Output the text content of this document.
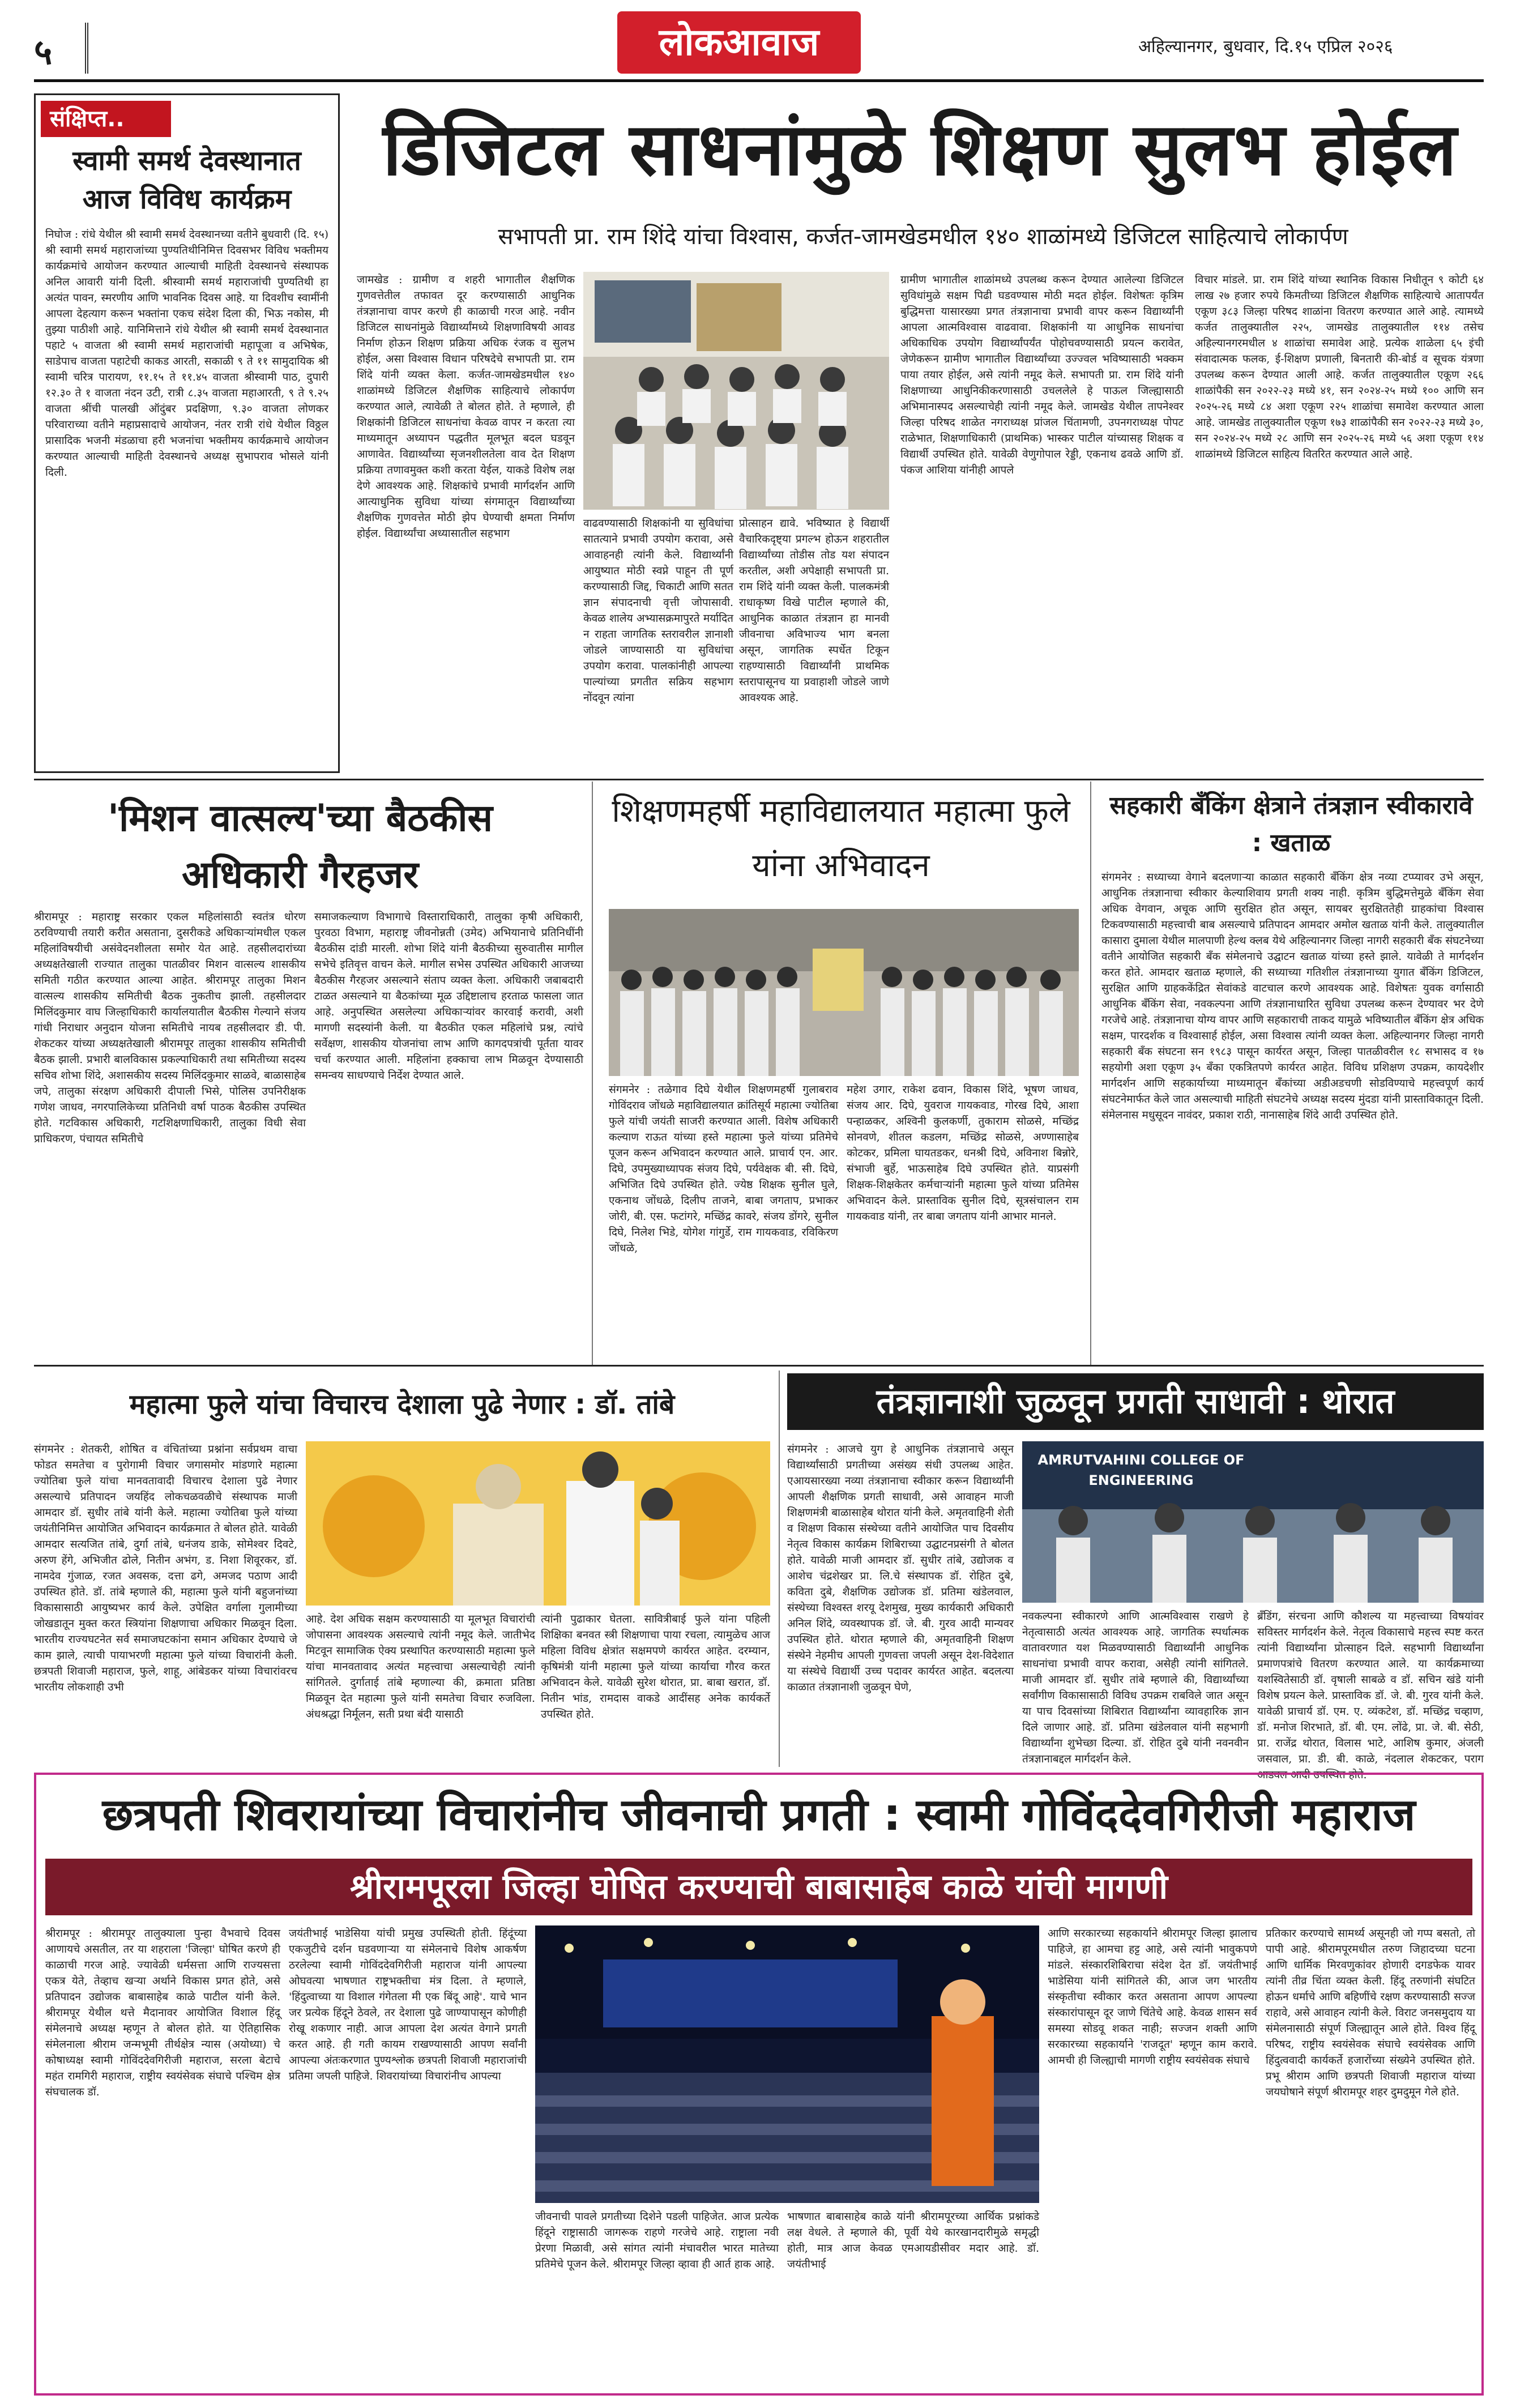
५	लोकआवाज	अहिल्यानगर, बुधवार, दि.१५ एप्रिल २०२६
संक्षिप्त..
स्वामी समर्थ देवस्थानात आज विविध कार्यक्रम
निघोज : रांधे येथील श्री स्वामी समर्थ देवस्थानच्या वतीने बुधवारी (दि. १५) श्री स्वामी समर्थ महाराजांच्या पुण्यतिथीनिमित्त दिवसभर विविध भक्तीमय कार्यक्रमांचे आयोजन करण्यात आल्याची माहिती देवस्थानचे संस्थापक अनिल आवारी यांनी दिली. श्रीस्वामी समर्थ महाराजांची पुण्यतिथी हा अत्यंत पावन, स्मरणीय आणि भावनिक दिवस आहे. या दिवशीच स्वामींनी आपला देहत्याग करून भक्तांना एकच संदेश दिला की, भिऊ नकोस, मी तुझ्या पाठीशी आहे. यानिमित्ताने रांधे येथील श्री स्वामी समर्थ देवस्थानात पहाटे ५ वाजता श्री स्वामी समर्थ महाराजांची महापूजा व अभिषेक, साडेपाच वाजता पहाटेची काकड आरती, सकाळी ९ ते ११ सामुदायिक श्री स्वामी चरित्र पारायण, ११.१५ ते ११.४५ वाजता श्रीस्वामी पाठ, दुपारी १२.३० ते १ वाजता नंदन उटी, रात्री ८.३५ वाजता महाआरती, ९ ते ९.२५ वाजता श्रींची पालखी ऑदुंबर प्रदक्षिणा, ९.३० वाजता लोणकर परिवाराच्या वतीने महाप्रसादाचे आयोजन, नंतर रात्री रांधे येथील विठ्ठल प्रासादिक भजनी मंडळाचा हरी भजनांचा भक्तीमय कार्यक्रमाचे आयोजन करण्यात आल्याची माहिती देवस्थानचे अध्यक्ष सुभापराव भोसले यांनी दिली.
डिजिटल साधनांमुळे शिक्षण सुलभ होईल
सभापती प्रा. राम शिंदे यांचा विश्वास, कर्जत-जामखेडमधील १४० शाळांमध्ये डिजिटल साहित्याचे लोकार्पण
जामखेड : ग्रामीण व शहरी भागातील शैक्षणिक गुणवत्तेतील तफावत दूर करण्यासाठी आधुनिक तंत्रज्ञानाचा वापर करणे ही काळाची गरज आहे. नवीन डिजिटल साधनांमुळे विद्यार्थ्यांमध्ये शिक्षणाविषयी आवड निर्माण होऊन शिक्षण प्रक्रिया अधिक रंजक व सुलभ होईल, असा विश्वास विधान परिषदेचे सभापती प्रा. राम शिंदे यांनी व्यक्त केला. कर्जत-जामखेडमधील १४० शाळांमध्ये डिजिटल शैक्षणिक साहित्याचे लोकार्पण करण्यात आले, त्यावेळी ते बोलत होते. ते म्हणाले, ही शिक्षकांनी डिजिटल साधनांचा केवळ वापर न करता त्या माध्यमातून अध्यापन पद्धतीत मूलभूत बदल घडवून आणावेत. विद्यार्थ्यांच्या सृजनशीलतेला वाव देत शिक्षण प्रक्रिया तणावमुक्त कशी करता येईल, याकडे विशेष लक्ष देणे आवश्यक आहे. शिक्षकांचे प्रभावी मार्गदर्शन आणि आत्याधुनिक सुविधा यांच्या संगमातून विद्यार्थ्यांच्या शैक्षणिक गुणवत्तेत मोठी झेप घेण्याची क्षमता निर्माण होईल. विद्यार्थ्यांचा अध्यासातील सहभाग
वाढवण्यासाठी शिक्षकांनी या सुविधांचा सातत्याने प्रभावी उपयोग करावा, असे आवाहनही त्यांनी केले. विद्यार्थ्यांनी आयुष्यात मोठी स्वप्ने पाहून ती पूर्ण करण्यासाठी जिद्द, चिकाटी आणि सतत ज्ञान संपादनाची वृत्ती जोपासावी. केवळ शालेय अभ्यासक्रमापुरते मर्यादित न राहता जागतिक स्तरावरील ज्ञानाशी जोडले जाण्यासाठी या सुविधांचा उपयोग करावा. पालकांनीही आपल्या पाल्यांच्या प्रगतीत सक्रिय सहभाग नोंदवून त्यांना
प्रोत्साहन द्यावे. भविष्यात हे विद्यार्थी वैचारिकदृष्ट्या प्रगल्भ होऊन शहरातील विद्यार्थ्यांच्या तोडीस तोड यश संपादन करतील, अशी अपेक्षाही सभापती प्रा. राम शिंदे यांनी व्यक्त केली. पालकमंत्री राधाकृष्ण विखे पाटील म्हणाले की, आधुनिक काळात तंत्रज्ञान हा मानवी जीवनाचा अविभाज्य भाग बनला असून, जागतिक स्पर्धेत टिकून राहण्यासाठी विद्यार्थ्यांनी प्राथमिक स्तरापासूनच या प्रवाहाशी जोडले जाणे आवश्यक आहे.
ग्रामीण भागातील शाळांमध्ये उपलब्ध करून देण्यात आलेल्या डिजिटल सुविधांमुळे सक्षम पिढी घडवण्यास मोठी मदत होईल. विशेषतः कृत्रिम बुद्धिमत्ता यासारख्या प्रगत तंत्रज्ञानाचा प्रभावी वापर करून विद्यार्थ्यांनी आपला आत्मविश्वास वाढवावा. शिक्षकांनी या आधुनिक साधनांचा अधिकाधिक उपयोग विद्यार्थ्यांपर्यंत पोहोचवण्यासाठी प्रयत्न करावेत, जेणेकरून ग्रामीण भागातील विद्यार्थ्यांच्या उज्ज्वल भविष्यासाठी भक्कम पाया तयार होईल, असे त्यांनी नमूद केले. सभापती प्रा. राम शिंदे यांनी शिक्षणाच्या आधुनिकीकरणासाठी उचललेले हे पाऊल जिल्ह्यासाठी अभिमानास्पद असल्याचेही त्यांनी नमूद केले. जामखेड येथील तापनेश्वर जिल्हा परिषद शाळेत नगराध्यक्ष प्रांजल चिंतामणी, उपनगराध्यक्ष पोपट राळेभात, शिक्षणाधिकारी (प्राथमिक) भास्कर पाटील यांच्यासह शिक्षक व विद्यार्थी उपस्थित होते. यावेळी वेणुगोपाल रेड्डी, एकनाथ ढवळे आणि डॉ. पंकज आशिया यांनीही आपले
विचार मांडले. प्रा. राम शिंदे यांच्या स्थानिक विकास निधीतून ९ कोटी ६४ लाख २७ हजार रुपये किमतीच्या डिजिटल शैक्षणिक साहित्याचे आतापर्यंत एकूण ३८३ जिल्हा परिषद शाळांना वितरण करण्यात आले आहे. त्यामध्ये कर्जत तालुक्यातील २२५, जामखेड तालुक्यातील ११४ तसेच अहिल्यानगरमधील ४ शाळांचा समावेश आहे. प्रत्येक शाळेला ६५ इंची संवादात्मक फलक, ई-शिक्षण प्रणाली, बिनतारी की-बोर्ड व सूचक यंत्रणा उपलब्ध करून देण्यात आली आहे. कर्जत तालुक्यातील एकूण २६६ शाळांपैकी सन २०२२-२३ मध्ये ४१, सन २०२४-२५ मध्ये १०० आणि सन २०२५-२६ मध्ये ८४ अशा एकूण २२५ शाळांचा समावेश करण्यात आला आहे. जामखेड तालुक्यातील एकूण १७३ शाळांपैकी सन २०२२-२३ मध्ये ३०, सन २०२४-२५ मध्ये २८ आणि सन २०२५-२६ मध्ये ५६ अशा एकूण ११४ शाळांमध्ये डिजिटल साहित्य वितरित करण्यात आले आहे.
'मिशन वात्सल्य'च्या बैठकीस अधिकारी गैरहजर
श्रीरामपूर : महाराष्ट्र सरकार एकल महिलांसाठी स्वतंत्र धोरण ठरविण्याची तयारी करीत असताना, दुसरीकडे अधिकाऱ्यांमधील एकल महिलांविषयीची असंवेदनशीलता समोर येत आहे. तहसीलदारांच्या अध्यक्षतेखाली राज्यात तालुका पातळीवर मिशन वात्सल्य शासकीय समिती गठीत करण्यात आल्या आहेत. श्रीरामपूर तालुका मिशन वात्सल्य शासकीय समितीची बैठक नुकतीच झाली. तहसीलदार मिलिंदकुमार वाघ जिल्हाधिकारी कार्यालयातील बैठकीस गेल्याने संजय गांधी निराधार अनुदान योजना समितीचे नायब तहसीलदार डी. पी. शेकटकर यांच्या अध्यक्षतेखाली श्रीरामपूर तालुका शासकीय समितीची बैठक झाली. प्रभारी बालविकास प्रकल्पाधिकारी तथा समितीच्या सदस्य सचिव शोभा शिंदे, अशासकीय सदस्य मिलिंदकुमार साळवे, बाळासाहेब जपे, तालुका संरक्षण अधिकारी दीपाली भिसे, पोलिस उपनिरीक्षक गणेश जाधव, नगरपालिकेच्या प्रतिनिधी वर्षा पाठक बैठकीस उपस्थित होते. गटविकास अधिकारी, गटशिक्षणाधिकारी, तालुका विधी सेवा प्राधिकरण, पंचायत समितीचे
समाजकल्याण विभागाचे विस्ताराधिकारी, तालुका कृषी अधिकारी, पुरवठा विभाग, महाराष्ट्र जीवनोन्नती (उमेद) अभियानाचे प्रतिनिधींनी बैठकीस दांडी मारली. शोभा शिंदे यांनी बैठकीच्या सुरुवातीस मागील सभेचे इतिवृत्त वाचन केले. मागील सभेस उपस्थित अधिकारी आजच्या बैठकीस गैरहजर असल्याने संताप व्यक्त केला. अधिकारी जबाबदारी टाळत असल्याने या बैठकांच्या मूळ उद्दिष्टालाच हरताळ फासला जात आहे. अनुपस्थित असलेल्या अधिकाऱ्यांवर कारवाई करावी, अशी मागणी सदस्यांनी केली. या बैठकीत एकल महिलांचे प्रश्न, त्यांचे सर्वेक्षण, शासकीय योजनांचा लाभ आणि कागदपत्रांची पूर्तता यावर चर्चा करण्यात आली. महिलांना हक्काचा लाभ मिळवून देण्यासाठी समन्वय साधण्याचे निर्देश देण्यात आले.
शिक्षणमहर्षी महाविद्यालयात महात्मा फुले यांना अभिवादन
संगमनेर : तळेगाव दिघे येथील शिक्षणमहर्षी गुलाबराव गोविंदराव जोंधळे महाविद्यालयात क्रांतिसूर्य महात्मा ज्योतिबा फुले यांची जयंती साजरी करण्यात आली. विशेष अधिकारी कल्याण राऊत यांच्या हस्ते महात्मा फुले यांच्या प्रतिमेचे पूजन करून अभिवादन करण्यात आले. प्राचार्य एन. आर. दिघे, उपमुख्याध्यापक संजय दिघे, पर्यवेक्षक बी. सी. दिघे, अभिजित दिघे उपस्थित होते. ज्येष्ठ शिक्षक सुनील घुले, एकनाथ जोंधळे, दिलीप ताजने, बाबा जगताप, प्रभाकर जोरी, बी. एस. फटांगरे, मच्छिंद्र कावरे, संजय डोंगरे, सुनील दिघे, निलेश भिडे, योगेश गांगुर्डे, राम गायकवाड, रविकिरण जोंधळे,
महेश उगार, राकेश ढवान, विकास शिंदे, भूषण जाधव, संजय आर. दिघे, युवराज गायकवाड, गोरख दिघे, आशा पन्हाळकर, अश्विनी कुलकर्णी, तुकाराम सोळसे, मच्छिंद्र सोनवणे, शीतल कडलग, मच्छिंद्र सोळसे, अण्णासाहेब कोटकर, प्रमिला घायतडकर, धनश्री दिघे, अविनाश बिन्नोरे, संभाजी बुर्हे, भाऊसाहेब दिघे उपस्थित होते. याप्रसंगी शिक्षक-शिक्षकेतर कर्मचाऱ्यांनी महात्मा फुले यांच्या प्रतिमेस अभिवादन केले. प्रास्ताविक सुनील दिघे, सूत्रसंचालन राम गायकवाड यांनी, तर बाबा जगताप यांनी आभार मानले.
सहकारी बँकिंग क्षेत्राने तंत्रज्ञान स्वीकारावे : खताळ
संगमनेर : सध्याच्या वेगाने बदलणाऱ्या काळात सहकारी बँकिंग क्षेत्र नव्या टप्प्यावर उभे असून, आधुनिक तंत्रज्ञानाचा स्वीकार केल्याशिवाय प्रगती शक्य नाही. कृत्रिम बुद्धिमत्तेमुळे बँकिंग सेवा अधिक वेगवान, अचूक आणि सुरक्षित होत असून, सायबर सुरक्षिततेही ग्राहकांचा विश्वास टिकवण्यासाठी महत्त्वाची बाब असल्याचे प्रतिपादन आमदार अमोल खताळ यांनी केले. तालुक्यातील कासारा दुमाला येथील मालपाणी हेल्थ क्लब येथे अहिल्यानगर जिल्हा नागरी सहकारी बँक संघटनेच्या वतीने आयोजित सहकारी बँक संमेलनाचे उद्घाटन खताळ यांच्या हस्ते झाले. यावेळी ते मार्गदर्शन करत होते. आमदार खताळ म्हणाले, की सध्याच्या गतिशील तंत्रज्ञानाच्या युगात बँकिंग डिजिटल, सुरक्षित आणि ग्राहककेंद्रित सेवांकडे वाटचाल करणे आवश्यक आहे. विशेषतः युवक वर्गासाठी आधुनिक बँकिंग सेवा, नवकल्पना आणि तंत्रज्ञानाधारित सुविधा उपलब्ध करून देण्यावर भर देणे गरजेचे आहे. तंत्रज्ञानाचा योग्य वापर आणि सहकाराची ताकद यामुळे भविष्यातील बँकिंग क्षेत्र अधिक सक्षम, पारदर्शक व विश्वासार्ह होईल, असा विश्वास त्यांनी व्यक्त केला. अहिल्यानगर जिल्हा नागरी सहकारी बँक संघटना सन १९८३ पासून कार्यरत असून, जिल्हा पातळीवरील १८ सभासद व १७ सहयोगी अशा एकूण ३५ बँका एकत्रितपणे कार्यरत आहेत. विविध प्रशिक्षण उपक्रम, कायदेशीर मार्गदर्शन आणि सहकार्याच्या माध्यमातून बँकांच्या अडीअडचणी सोडविण्याचे महत्त्वपूर्ण कार्य संघटनेमार्फत केले जात असल्याची माहिती संघटनेचे अध्यक्ष सदस्य मुंदडा यांनी प्रास्ताविकातून दिली. संमेलनास मधुसूदन नावंदर, प्रकाश राठी, नानासाहेब शिंदे आदी उपस्थित होते.
महात्मा फुले यांचा विचारच देशाला पुढे नेणार : डॉ. तांबे
संगमनेर : शेतकरी, शोषित व वंचितांच्या प्रश्नांना सर्वप्रथम वाचा फोडत समतेचा व पुरोगामी विचार जगासमोर मांडणारे महात्मा ज्योतिबा फुले यांचा मानवतावादी विचारच देशाला पुढे नेणार असल्याचे प्रतिपादन जयहिंद लोकचळवळीचे संस्थापक माजी आमदार डॉ. सुधीर तांबे यांनी केले. महात्मा ज्योतिबा फुले यांच्या जयंतीनिमित्त आयोजित अभिवादन कार्यक्रमात ते बोलत होते. यावेळी आमदार सत्यजित तांबे, दुर्गा तांबे, धनंजय डाके, सोमेश्वर दिवटे, अरुण हेंगे, अभिजीत ढोले, नितीन अभंग, ड. निशा शिवूरकर, डॉ. नामदेव गुंजाळ, रजत अवसक, दत्ता ढगे, अमजद पठाण आदी उपस्थित होते. डॉ. तांबे म्हणाले की, महात्मा फुले यांनी बहुजनांच्या विकासासाठी आयुष्यभर कार्य केले. उपेक्षित वर्गाला गुलामीच्या जोखडातून मुक्त करत स्त्रियांना शिक्षणाचा अधिकार मिळवून दिला. भारतीय राज्यघटनेत सर्व समाजघटकांना समान अधिकार देण्याचे जे काम झाले, त्याची पायाभरणी महात्मा फुले यांच्या विचारांनी केली. छत्रपती शिवाजी महाराज, फुले, शाहू, आंबेडकर यांच्या विचारांवरच भारतीय लोकशाही उभी
आहे. देश अधिक सक्षम करण्यासाठी या मूलभूत विचारांची जोपासना आवश्यक असल्याचे त्यांनी नमूद केले. जातीभेद मिटवून सामाजिक ऐक्य प्रस्थापित करण्यासाठी महात्मा फुले यांचा मानवतावाद अत्यंत महत्त्वाचा असल्याचेही त्यांनी सांगितले. दुर्गाताई तांबे म्हणाल्या की, क्रमाता प्रतिष्ठा मिळवून देत महात्मा फुले यांनी समतेचा विचार रुजविला. अंधश्रद्धा निर्मूलन, सती प्रथा बंदी यासाठी
त्यांनी पुढाकार घेतला. सावित्रीबाई फुले यांना पहिली शिक्षिका बनवत स्त्री शिक्षणाचा पाया रचला, त्यामुळेच आज महिला विविध क्षेत्रांत सक्षमपणे कार्यरत आहेत. दरम्यान, कृषिमंत्री यांनी महात्मा फुले यांच्या कार्याचा गौरव करत अभिवादन केले. यावेळी सुरेश थोरात, प्रा. बाबा खरात, डॉ. नितीन भांड, रामदास वाकडे आदींसह अनेक कार्यकर्ते उपस्थित होते.
तंत्रज्ञानाशी जुळवून प्रगती साधावी : थोरात
संगमनेर : आजचे युग हे आधुनिक तंत्रज्ञानाचे असून विद्यार्थ्यांसाठी प्रगतीच्या असंख्य संधी उपलब्ध आहेत. एआयसारख्या नव्या तंत्रज्ञानाचा स्वीकार करून विद्यार्थ्यांनी आपली शैक्षणिक प्रगती साधावी, असे आवाहन माजी शिक्षणमंत्री बाळासाहेब थोरात यांनी केले. अमृतवाहिनी शेती व शिक्षण विकास संस्थेच्या वतीने आयोजित पाच दिवसीय नेतृत्व विकास कार्यक्रम शिबिराच्या उद्घाटनप्रसंगी ते बोलत होते. यावेळी माजी आमदार डॉ. सुधीर तांबे, उद्योजक व आशेच चंद्रशेखर प्रा. लि.चे संस्थापक डॉ. रोहित दुबे, कविता दुबे, शैक्षणिक उद्योजक डॉ. प्रतिमा खंडेलवाल, संस्थेच्या विश्वस्त शरयू देशमुख, मुख्य कार्यकारी अधिकारी अनिल शिंदे, व्यवस्थापक डॉ. जे. बी. गुरव आदी मान्यवर उपस्थित होते. थोरात म्हणाले की, अमृतवाहिनी शिक्षण संस्थेने नेहमीच आपली गुणवत्ता जपली असून देश-विदेशात या संस्थेचे विद्यार्थी उच्च पदावर कार्यरत आहेत. बदलत्या काळात तंत्रज्ञानाशी जुळवून घेणे,
AMRUTVAHINI COLLEGE OF ENGINEERING
नवकल्पना स्वीकारणे आणि आत्मविश्वास राखणे हे नेतृत्वासाठी अत्यंत आवश्यक आहे. जागतिक स्पर्धात्मक वातावरणात यश मिळवण्यासाठी विद्यार्थ्यांनी आधुनिक साधनांचा प्रभावी वापर करावा, असेही त्यांनी सांगितले. माजी आमदार डॉ. सुधीर तांबे म्हणाले की, विद्यार्थ्यांच्या सर्वांगीण विकासासाठी विविध उपक्रम राबविले जात असून या पाच दिवसांच्या शिबिरात विद्यार्थ्यांना व्यावहारिक ज्ञान दिले जाणार आहे. डॉ. प्रतिमा खंडेलवाल यांनी सहभागी विद्यार्थ्यांना शुभेच्छा दिल्या. डॉ. रोहित दुबे यांनी नवनवीन तंत्रज्ञानाबद्दल मार्गदर्शन केले.
ब्रँडिंग, संरचना आणि कौशल्य या महत्त्वाच्या विषयांवर सविस्तर मार्गदर्शन केले. नेतृत्व विकासाचे महत्त्व स्पष्ट करत त्यांनी विद्यार्थ्यांना प्रोत्साहन दिले. सहभागी विद्यार्थ्यांना प्रमाणपत्रांचे वितरण करण्यात आले. या कार्यक्रमाच्या यशस्वितेसाठी डॉ. वृषाली साबळे व डॉ. सचिन खंडे यांनी विशेष प्रयत्न केले. प्रास्ताविक डॉ. जे. बी. गुरव यांनी केले. यावेळी प्राचार्य डॉ. एम. ए. व्यंकटेश, डॉ. मच्छिंद्र चव्हाण, डॉ. मनोज शिरभाते, डॉ. बी. एम. लोंढे, प्रा. जे. बी. सेठी, प्रा. राजेंद्र थोरात, विलास भाटे, आशिष कुमार, अंजली जसवाल, प्रा. डी. बी. काळे, नंदलाल शेकटकर, पराग आडवल आदी उपस्थित होते.
छत्रपती शिवरायांच्या विचारांनीच जीवनाची प्रगती : स्वामी गोविंददेवगिरीजी महाराज
श्रीरामपूरला जिल्हा घोषित करण्याची बाबासाहेब काळे यांची मागणी
श्रीरामपूर : श्रीरामपूर तालुक्याला पुन्हा वैभवाचे दिवस आणायचे असतील, तर या शहराला 'जिल्हा' घोषित करणे ही काळाची गरज आहे. ज्यावेळी धर्मसत्ता आणि राज्यसत्ता एकत्र येते, तेव्हाच खऱ्या अर्थाने विकास प्रगत होते, असे प्रतिपादन उद्योजक बाबासाहेब काळे पाटील यांनी केले. श्रीरामपूर येथील थत्ते मैदानावर आयोजित विशाल हिंदू संमेलनाचे अध्यक्ष म्हणून ते बोलत होते. या ऐतिहासिक संमेलनाला श्रीराम जन्मभूमी तीर्थक्षेत्र न्यास (अयोध्या) चे कोषाध्यक्ष स्वामी गोविंददेवगिरीजी महाराज, सरला बेटाचे महंत रामगिरी महाराज, राष्ट्रीय स्वयंसेवक संघाचे पश्चिम क्षेत्र संघचालक डॉ.
जयंतीभाई भाडेसिया यांची प्रमुख उपस्थिती होती. हिंदूंच्या एकजुटीचे दर्शन घडवणाऱ्या या संमेलनाचे विशेष आकर्षण ठरलेल्या स्वामी गोविंददेवगिरीजी महाराज यांनी आपल्या ओघवत्या भाषणात राष्ट्रभक्तीचा मंत्र दिला. ते म्हणाले, 'हिंदुत्वाच्या या विशाल गंगेतला मी एक बिंदू आहे'. याचे भान जर प्रत्येक हिंदूने ठेवले, तर देशाला पुढे जाण्यापासून कोणीही रोखू शकणार नाही. आज आपला देश अत्यंत वेगाने प्रगती करत आहे. ही गती कायम राखण्यासाठी आपण सर्वांनी आपल्या अंतःकरणात पुण्यश्लोक छत्रपती शिवाजी महाराजांची प्रतिमा जपली पाहिजे. शिवरायांच्या विचारांनीच आपल्या
जीवनाची पावले प्रगतीच्या दिशेने पडली पाहिजेत. आज प्रत्येक हिंदूने राष्ट्रासाठी जागरूक राहणे गरजेचे आहे. राष्ट्राला नवी प्रेरणा मिळावी, असे सांगत त्यांनी मंचावरील भारत मातेच्या प्रतिमेचे पूजन केले. श्रीरामपूर जिल्हा व्हावा ही आर्त हाक आहे.
भाषणात बाबासाहेब काळे यांनी श्रीरामपूरच्या आर्थिक प्रश्नांकडे लक्ष वेधले. ते म्हणाले की, पूर्वी येथे कारखानदारीमुळे समृद्धी होती, मात्र आज केवळ एमआयडीसीवर मदार आहे. डॉ. जयंतीभाई
आणि सरकारच्या सहकार्याने श्रीरामपूर जिल्हा झालाच पाहिजे, हा आमचा हट्ट आहे, असे त्यांनी भावुकपणे मांडले. संस्कारशिबिराचा संदेश देत डॉ. जयंतीभाई भाडेसिया यांनी सांगितले की, आज जग भारतीय संस्कृतीचा स्वीकार करत असताना आपण आपल्या संस्कारांपासून दूर जाणे चिंतेचे आहे. केवळ शासन सर्व समस्या सोडवू शकत नाही; सज्जन शक्ती आणि सरकारच्या सहकार्याने 'राजदूत' म्हणून काम करावे. आमची ही जिल्ह्याची मागणी राष्ट्रीय स्वयंसेवक संघाचे
प्रतिकार करण्याचे सामर्थ्य असूनही जो गप्प बसतो, तो पापी आहे. श्रीरामपूरमधील तरुण जिहादच्या घटना आणि धार्मिक मिरवणुकांवर होणारी दगडफेक यावर त्यांनी तीव्र चिंता व्यक्त केली. हिंदू तरुणांनी संघटित होऊन धर्माचे आणि बहिणींचे रक्षण करण्यासाठी सज्ज राहावे, असे आवाहन त्यांनी केले. विराट जनसमुदाय या संमेलनासाठी संपूर्ण जिल्ह्यातून आले होते. विश्व हिंदू परिषद, राष्ट्रीय स्वयंसेवक संघाचे स्वयंसेवक आणि हिंदुत्ववादी कार्यकर्ते हजारोंच्या संख्येने उपस्थित होते. प्रभू श्रीराम आणि छत्रपती शिवाजी महाराज यांच्या जयघोषाने संपूर्ण श्रीरामपूर शहर दुमदुमून गेले होते.
